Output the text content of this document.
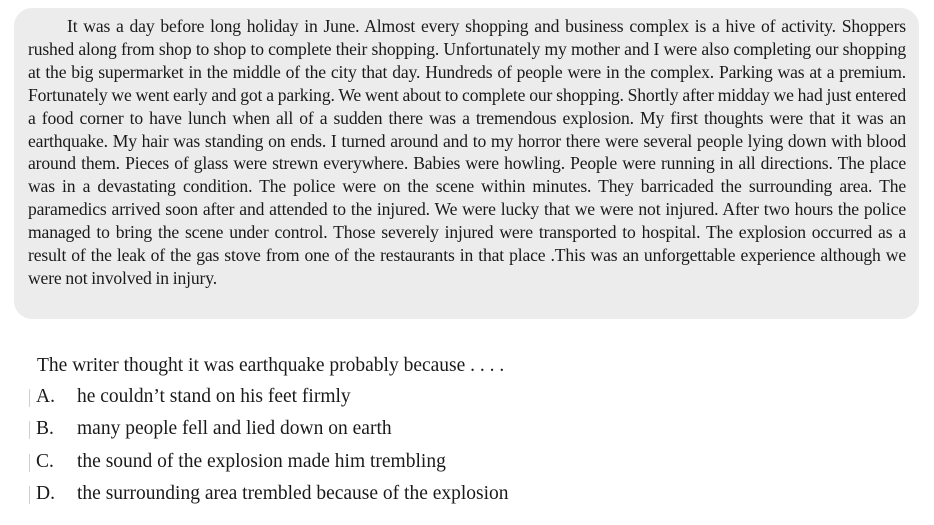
It was a day before long holiday in June. Almost every shopping and business complex is a hive of activity. Shoppers rushed along from shop to shop to complete their shopping. Unfortunately my mother and I were also completing our shopping at the big supermarket in the middle of the city that day. Hundreds of people were in the complex. Parking was at a premium. Fortunately we went early and got a parking. We went about to complete our shopping. Shortly after midday we had just entered a food corner to have lunch when all of a sudden there was a tremendous explosion. My first thoughts were that it was an earthquake. My hair was standing on ends. I turned around and to my horror there were several people lying down with blood around them. Pieces of glass were strewn everywhere. Babies were howling. People were running in all directions. The place was in a devastating condition. The police were on the scene within minutes. They barricaded the surrounding area. The paramedics arrived soon after and attended to the injured. We were lucky that we were not injured. After two hours the police managed to bring the scene under control. Those severely injured were transported to hospital. The explosion occurred as a result of the leak of the gas stove from one of the restaurants in that place .This was an unforgettable experience although we were not involved in injury.

The writer thought it was earthquake probably because . . . .
A. he couldn’t stand on his feet firmly
B. many people fell and lied down on earth
C. the sound of the explosion made him trembling
D. the surrounding area trembled because of the explosion
